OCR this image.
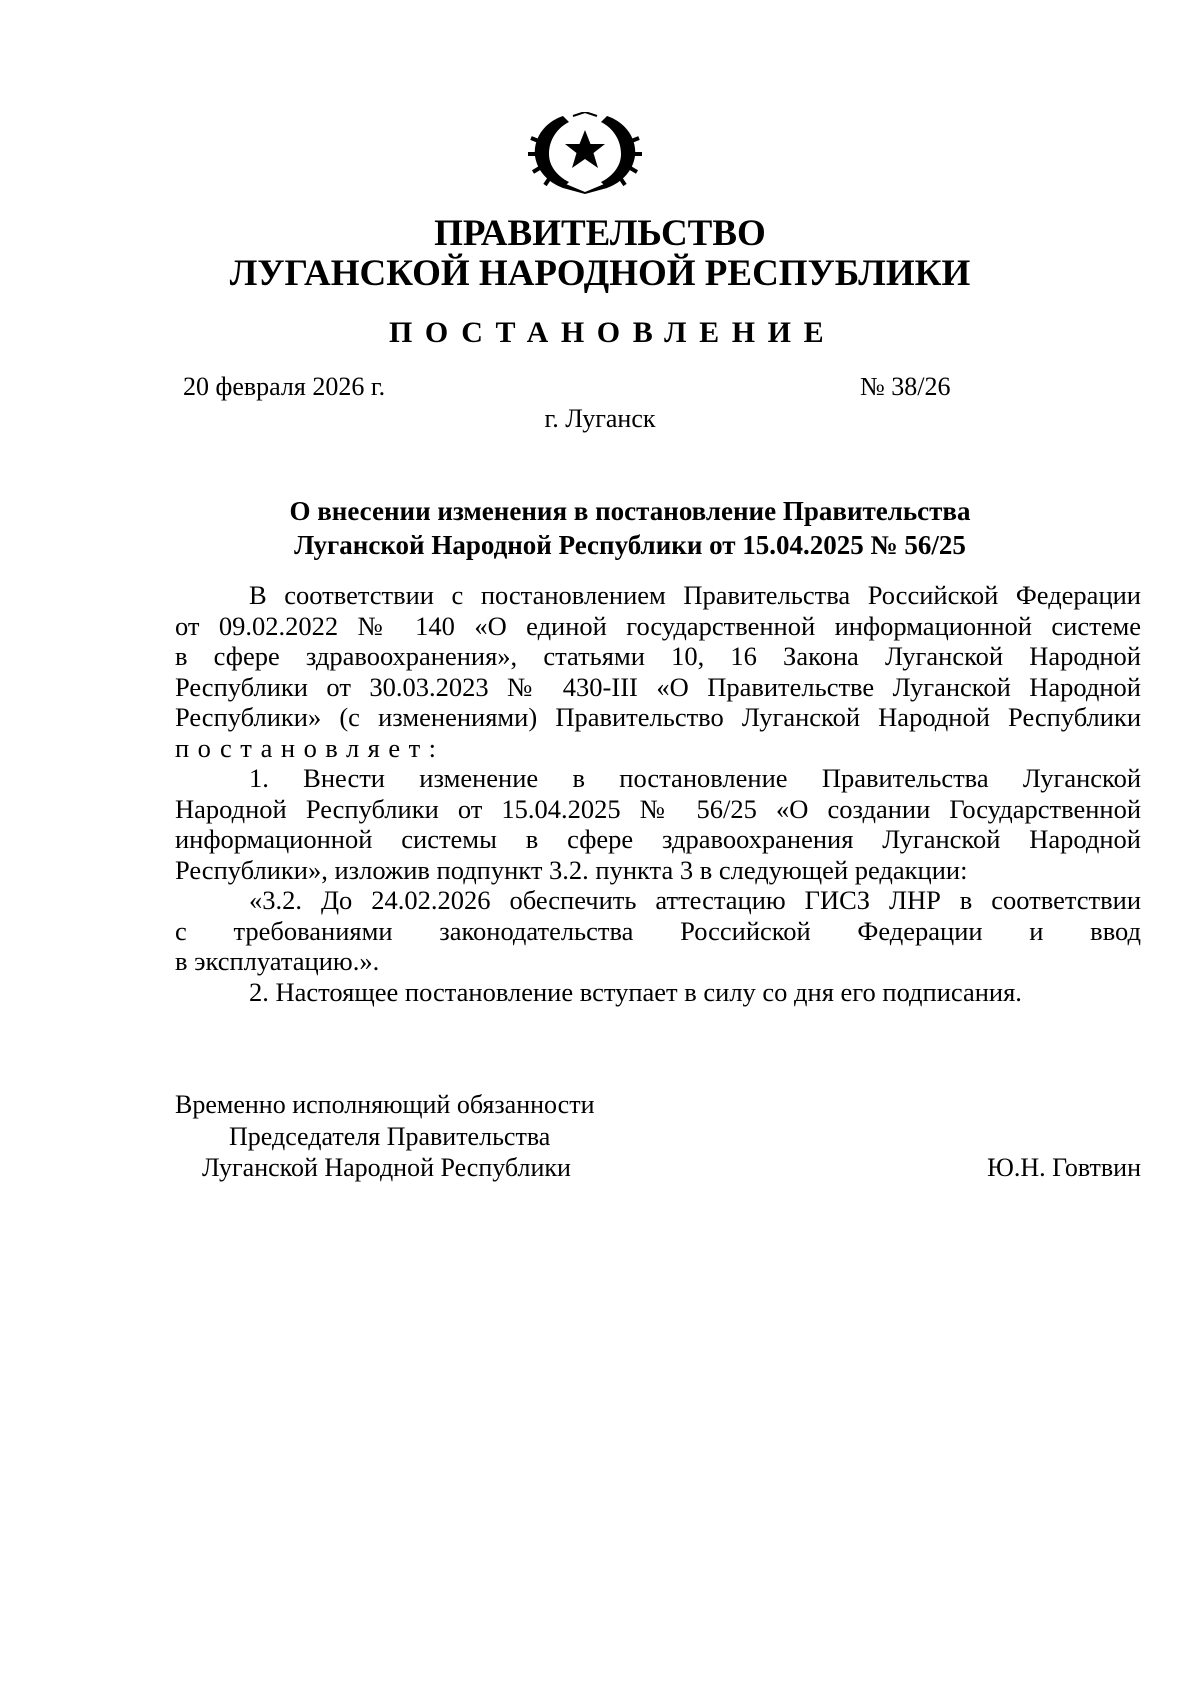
ПРАВИТЕЛЬСТВО
ЛУГАНСКОЙ НАРОДНОЙ РЕСПУБЛИКИ
ПОСТАНОВЛЕНИЕ
20 февраля 2026 г.	№ 38/26
г. Луганск
О внесении изменения в постановление Правительства
Луганской Народной Республики от 15.04.2025 № 56/25
В соответствии с постановлением Правительства Российской Федерации
от 09.02.2022 № 140 «О единой государственной информационной системе
в сфере здравоохранения», статьями 10, 16 Закона Луганской Народной
Республики от 30.03.2023 № 430-III «О Правительстве Луганской Народной
Республики» (с изменениями) Правительство Луганской Народной Республики
постановляет:
1. Внести изменение в постановление Правительства Луганской
Народной Республики от 15.04.2025 № 56/25 «О создании Государственной
информационной системы в сфере здравоохранения Луганской Народной
Республики», изложив подпункт 3.2. пункта 3 в следующей редакции:
«3.2. До 24.02.2026 обеспечить аттестацию ГИСЗ ЛНР в соответствии
с требованиями законодательства Российской Федерации и ввод
в эксплуатацию.».
2. Настоящее постановление вступает в силу со дня его подписания.
Временно исполняющий обязанности
Председателя Правительства
Луганской Народной Республики	Ю.Н. Говтвин
